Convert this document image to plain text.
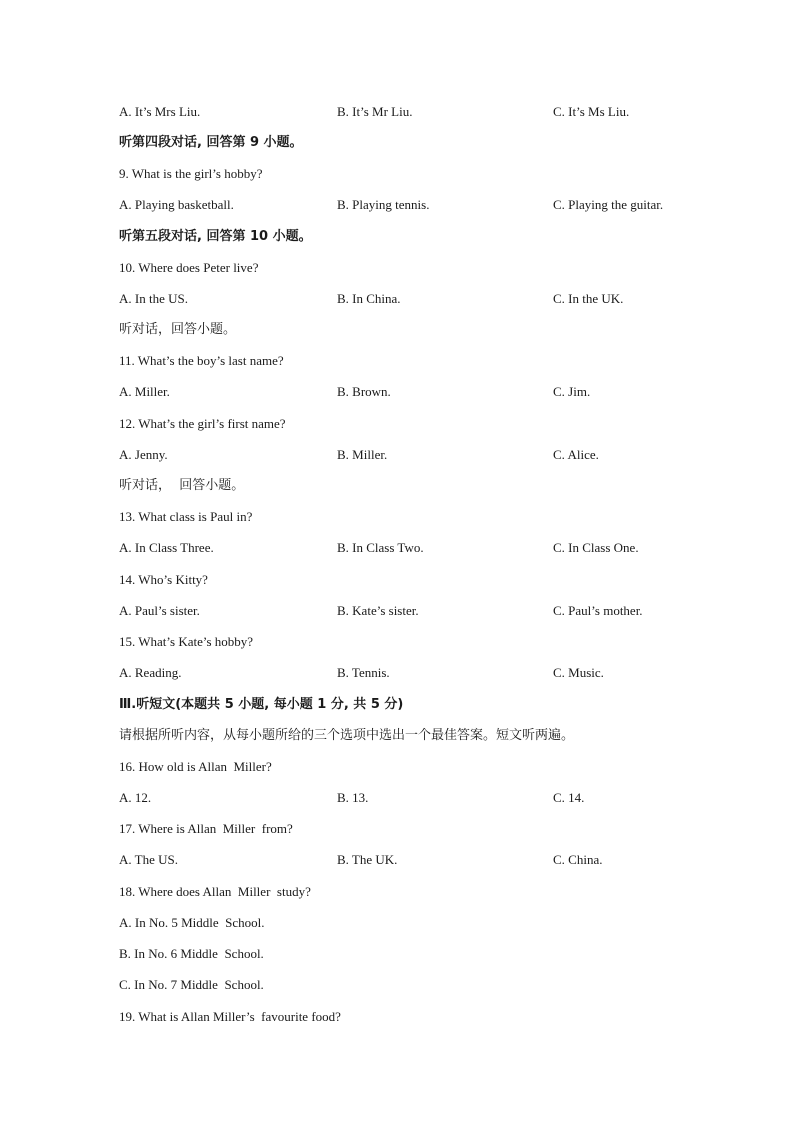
A. It’s Mrs Liu.	B. It’s Mr Liu.	C. It’s Ms Liu.
听第四段对话, 回答第 9 小题。
9. What is the girl’s hobby?
A. Playing basketball.	B. Playing tennis.	C. Playing the guitar.
听第五段对话, 回答第 10 小题。
10. Where does Peter live?
A. In the US.	B. In China.	C. In the UK.
听对话，回答小题。
11. What’s the boy’s last name?
A. Miller.	B. Brown.	C. Jim.
12. What’s the girl’s first name?
A. Jenny.	B. Miller.	C. Alice.
听对话，  回答小题。
13. What class is Paul in?
A. In Class Three.	B. In Class Two.	C. In Class One.
14. Who’s Kitty?
A. Paul’s sister.	B. Kate’s sister.	C. Paul’s mother.
15. What’s Kate’s hobby?
A. Reading.	B. Tennis.	C. Music.
Ⅲ.听短文(本题共 5 小题, 每小题 1 分, 共 5 分)
请根据所听内容，从每小题所给的三个选项中选出一个最佳答案。短文听两遍。
16. How old is Allan  Miller?
A. 12.	B. 13.	C. 14.
17. Where is Allan  Miller  from?
A. The US.	B. The UK.	C. China.
18. Where does Allan  Miller  study?
A. In No. 5 Middle  School.
B. In No. 6 Middle  School.
C. In No. 7 Middle  School.
19. What is Allan Miller’s  favourite food?
